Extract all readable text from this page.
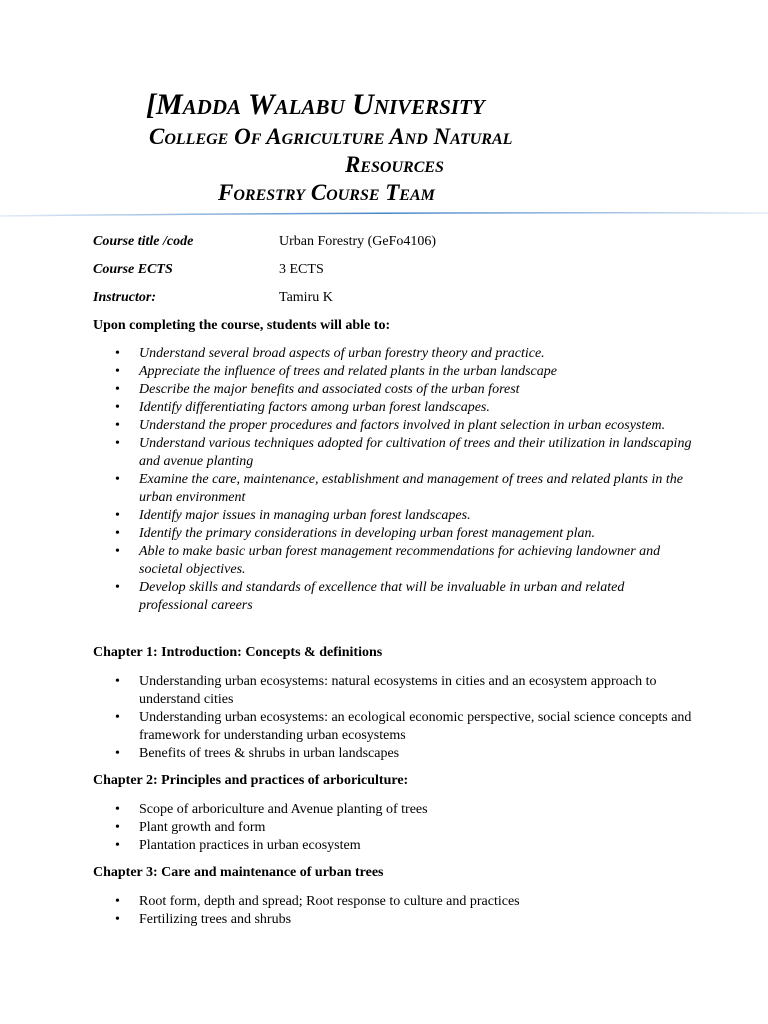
[Madda Walabu University
College Of Agriculture And Natural
Resources
Forestry Course Team
Course title /code	Urban Forestry (GeFo4106)
Course ECTS	3 ECTS
Instructor:	Tamiru K
Upon completing the course, students will able to:
• Understand several broad aspects of urban forestry theory and practice.
• Appreciate the influence of trees and related plants in the urban landscape
• Describe the major benefits and associated costs of the urban forest
• Identify differentiating factors among urban forest landscapes.
• Understand the proper procedures and factors involved in plant selection in urban ecosystem.
• Understand various techniques adopted for cultivation of trees and their utilization in landscaping and avenue planting
• Examine the care, maintenance, establishment and management of trees and related plants in the urban environment
• Identify major issues in managing urban forest landscapes.
• Identify the primary considerations in developing urban forest management plan.
• Able to make basic urban forest management recommendations for achieving landowner and societal objectives.
• Develop skills and standards of excellence that will be invaluable in urban and related professional careers
Chapter 1: Introduction: Concepts & definitions
• Understanding urban ecosystems: natural ecosystems in cities and an ecosystem approach to understand cities
• Understanding urban ecosystems: an ecological economic perspective, social science concepts and framework for understanding urban ecosystems
• Benefits of trees & shrubs in urban landscapes
Chapter 2: Principles and practices of arboriculture:
• Scope of arboriculture and Avenue planting of trees
• Plant growth and form
• Plantation practices in urban ecosystem
Chapter 3: Care and maintenance of urban trees
• Root form, depth and spread; Root response to culture and practices
• Fertilizing trees and shrubs
